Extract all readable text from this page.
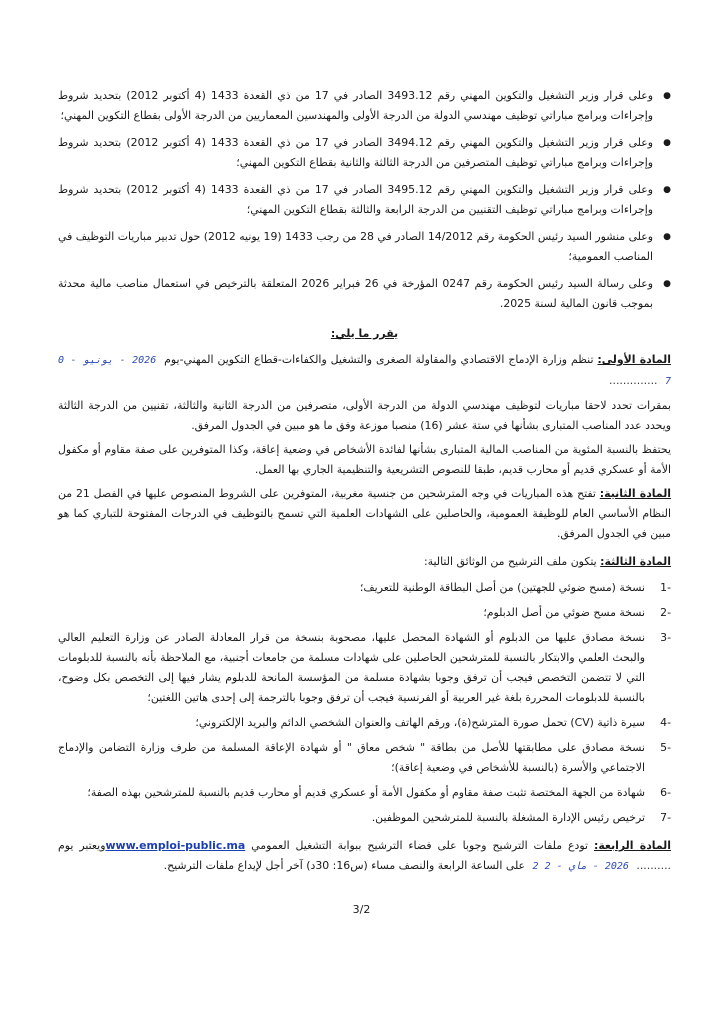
● وعلى قرار وزير التشغيل والتكوين المهني رقم 3493.12 الصادر في 17 من ذي القعدة 1433 (4 أكتوبر 2012) بتحديد شروط وإجراءات وبرامج مباراتي توظيف مهندسي الدولة من الدرجة الأولى والمهندسين المعماريين من الدرجة الأولى بقطاع التكوين المهني؛
● وعلى قرار وزير التشغيل والتكوين المهني رقم 3494.12 الصادر في 17 من ذي القعدة 1433 (4 أكتوبر 2012) بتحديد شروط وإجراءات وبرامج مباراتي توظيف المتصرفين من الدرجة الثالثة والثانية بقطاع التكوين المهني؛
● وعلى قرار وزير التشغيل والتكوين المهني رقم 3495.12 الصادر في 17 من ذي القعدة 1433 (4 أكتوبر 2012) بتحديد شروط وإجراءات وبرامج مباراتي توظيف التقنيين من الدرجة الرابعة والثالثة بقطاع التكوين المهني؛
● وعلى منشور السيد رئيس الحكومة رقم 14/2012 الصادر في 28 من رجب 1433 (19 يونيه 2012) حول تدبير مباريات التوظيف في المناصب العمومية؛
● وعلى رسالة السيد رئيس الحكومة رقم 0247 المؤرخة في 26 فبراير 2026 المتعلقة بالترخيص في استعمال مناصب مالية محدثة بموجب قانون المالية لسنة 2025.
يقرر ما يلي:

المادة الأولى: تنظم وزارة الإدماج الاقتصادي والمقاولة الصغرى والتشغيل والكفاءات-قطاع التكوين المهني-يوم 2026 - يونيو - 0 7 ..............

بمقرات تحدد لاحقا مباريات لتوظيف مهندسي الدولة من الدرجة الأولى، متصرفين من الدرجة الثانية والثالثة، تقنيين من الدرجة الثالثة ويحدد عدد المناصب المتبارى بشأنها في ستة عشر (16) منصبا موزعة وفق ما هو مبين في الجدول المرفق.

يحتفظ بالنسبة المئوية من المناصب المالية المتبارى بشأنها لفائدة الأشخاص في وضعية إعاقة، وكذا المتوفرين على صفة مقاوم أو مكفول الأمة أو عسكري قديم أو محارب قديم، طبقا للنصوص التشريعية والتنظيمية الجاري بها العمل.

المادة الثانية: تفتح هذه المباريات في وجه المترشحين من جنسية مغربية، المتوفرين على الشروط المنصوص عليها في الفصل 21 من النظام الأساسي العام للوظيفة العمومية، والحاصلين على الشهادات العلمية التي تسمح بالتوظيف في الدرجات المفتوحة للتباري كما هو مبين في الجدول المرفق.

المادة الثالثة: يتكون ملف الترشيح من الوثائق التالية:

-1
نسخة (مسح ضوئي للجهتين) من أصل البطاقة الوطنية للتعريف؛
-2
نسخة مسح ضوئي من أصل الدبلوم؛
-3
نسخة مصادق عليها من الدبلوم أو الشهادة المحصل عليها، مصحوبة بنسخة من قرار المعادلة الصادر عن وزارة التعليم العالي والبحث العلمي والابتكار بالنسبة للمترشحين الحاصلين على شهادات مسلمة من جامعات أجنبية، مع الملاحظة بأنه بالنسبة للدبلومات التي لا تتضمن التخصص فيجب أن ترفق وجوبا بشهادة مسلمة من المؤسسة المانحة للدبلوم يشار فيها إلى التخصص بكل وضوح، بالنسبة للدبلومات المحررة بلغة غير العربية أو الفرنسية فيجب أن ترفق وجوبا بالترجمة إلى إحدى هاتين اللغتين؛
-4
سيرة ذاتية (CV) تحمل صورة المترشح(ة)، ورقم الهاتف والعنوان الشخصي الدائم والبريد الإلكتروني؛
-5
نسخة مصادق على مطابقتها للأصل من بطاقة " شخص معاق " أو شهادة الإعاقة المسلمة من طرف وزارة التضامن والإدماج الاجتماعي والأسرة (بالنسبة للأشخاص في وضعية إعاقة)؛
-6
شهادة من الجهة المختصة تثبت صفة مقاوم أو مكفول الأمة أو عسكري قديم أو محارب قديم بالنسبة للمترشحين بهذه الصفة؛
-7
ترخيص رئيس الإدارة المشغلة بالنسبة للمترشحين الموظفين.

المادة الرابعة: تودع ملفات الترشيح وجوبا على فضاء الترشيح ببوابة التشغيل العمومي www.emploi-public.maويعتبر يوم .......... 2026 - ماي - 2 2 على الساعة الرابعة والنصف مساء (س16: 30د) آخر أجل لإيداع ملفات الترشيح.

3/2
